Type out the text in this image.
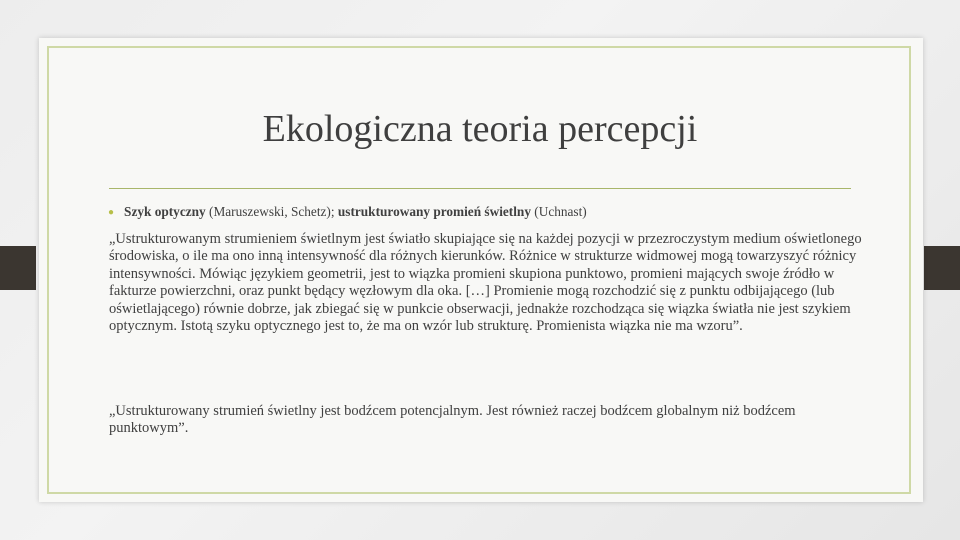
Ekologiczna teoria percepcji
● Szyk optyczny (Maruszewski, Schetz); ustrukturowany promień świetlny (Uchnast)
„Ustrukturowanym strumieniem świetlnym jest światło skupiające się na każdej pozycji w przezroczystym medium oświetlonego środowiska, o ile ma ono inną intensywność dla różnych kierunków. Różnice w strukturze widmowej mogą towarzyszyć różnicy intensywności. Mówiąc językiem geometrii, jest to wiązka promieni skupiona punktowo, promieni mających swoje źródło w fakturze powierzchni, oraz punkt będący węzłowym dla oka. […] Promienie mogą rozchodzić się z punktu odbijającego (lub oświetlającego) równie dobrze, jak zbiegać się w punkcie obserwacji, jednakże rozchodząca się wiązka światła nie jest szykiem optycznym. Istotą szyku optycznego jest to, że ma on wzór lub strukturę. Promienista wiązka nie ma wzoru”.
„Ustrukturowany strumień świetlny jest bodźcem potencjalnym. Jest również raczej bodźcem globalnym niż bodźcem punktowym”.
